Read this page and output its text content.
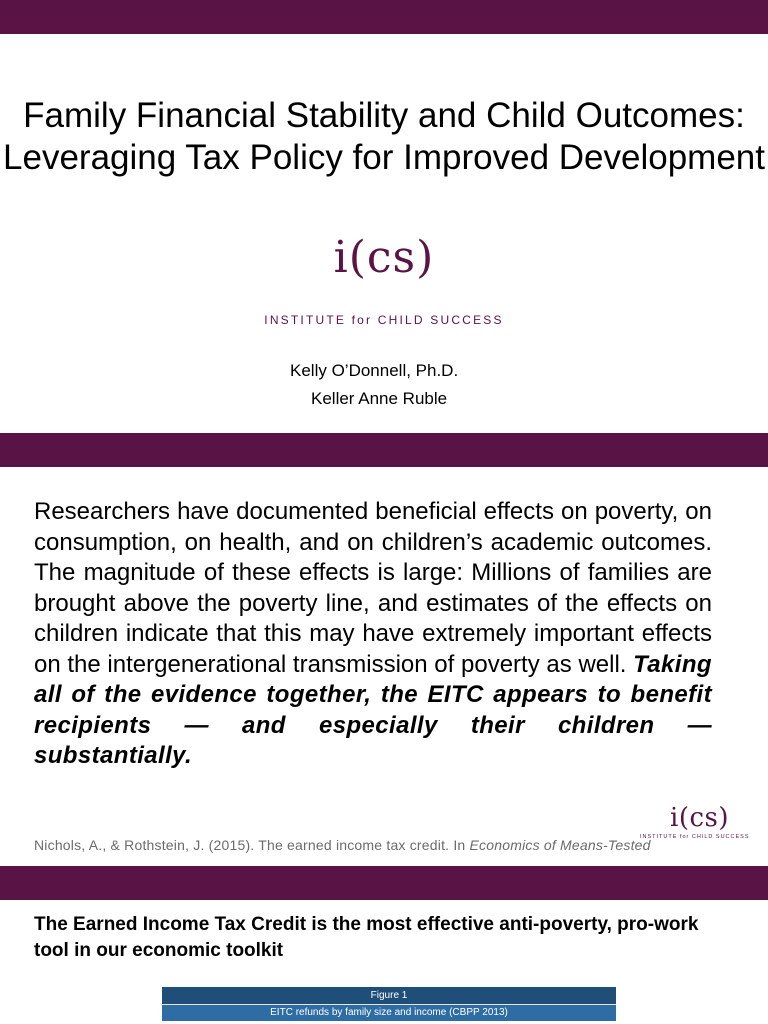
Family Financial Stability and Child Outcomes: Leveraging Tax Policy for Improved Development
i(cs)
INSTITUTE for CHILD SUCCESS
Kelly O’Donnell, Ph.D.
Keller Anne Ruble

Researchers have documented beneficial effects on poverty, on consumption, on health, and on children’s academic outcomes. The magnitude of these effects is large: Millions of families are brought above the poverty line, and estimates of the effects on children indicate that this may have extremely important effects on the intergenerational transmission of poverty as well. Taking all of the evidence together, the EITC appears to benefit recipients — and especially their children — substantially.

i(cs)
INSTITUTE for CHILD SUCCESS
Nichols, A., & Rothstein, J. (2015). The earned income tax credit. In Economics of Means-Tested
The Earned Income Tax Credit is the most effective anti-poverty, pro-work tool in our economic toolkit
Figure 1
EITC refunds by family size and income (CBPP 2013)
